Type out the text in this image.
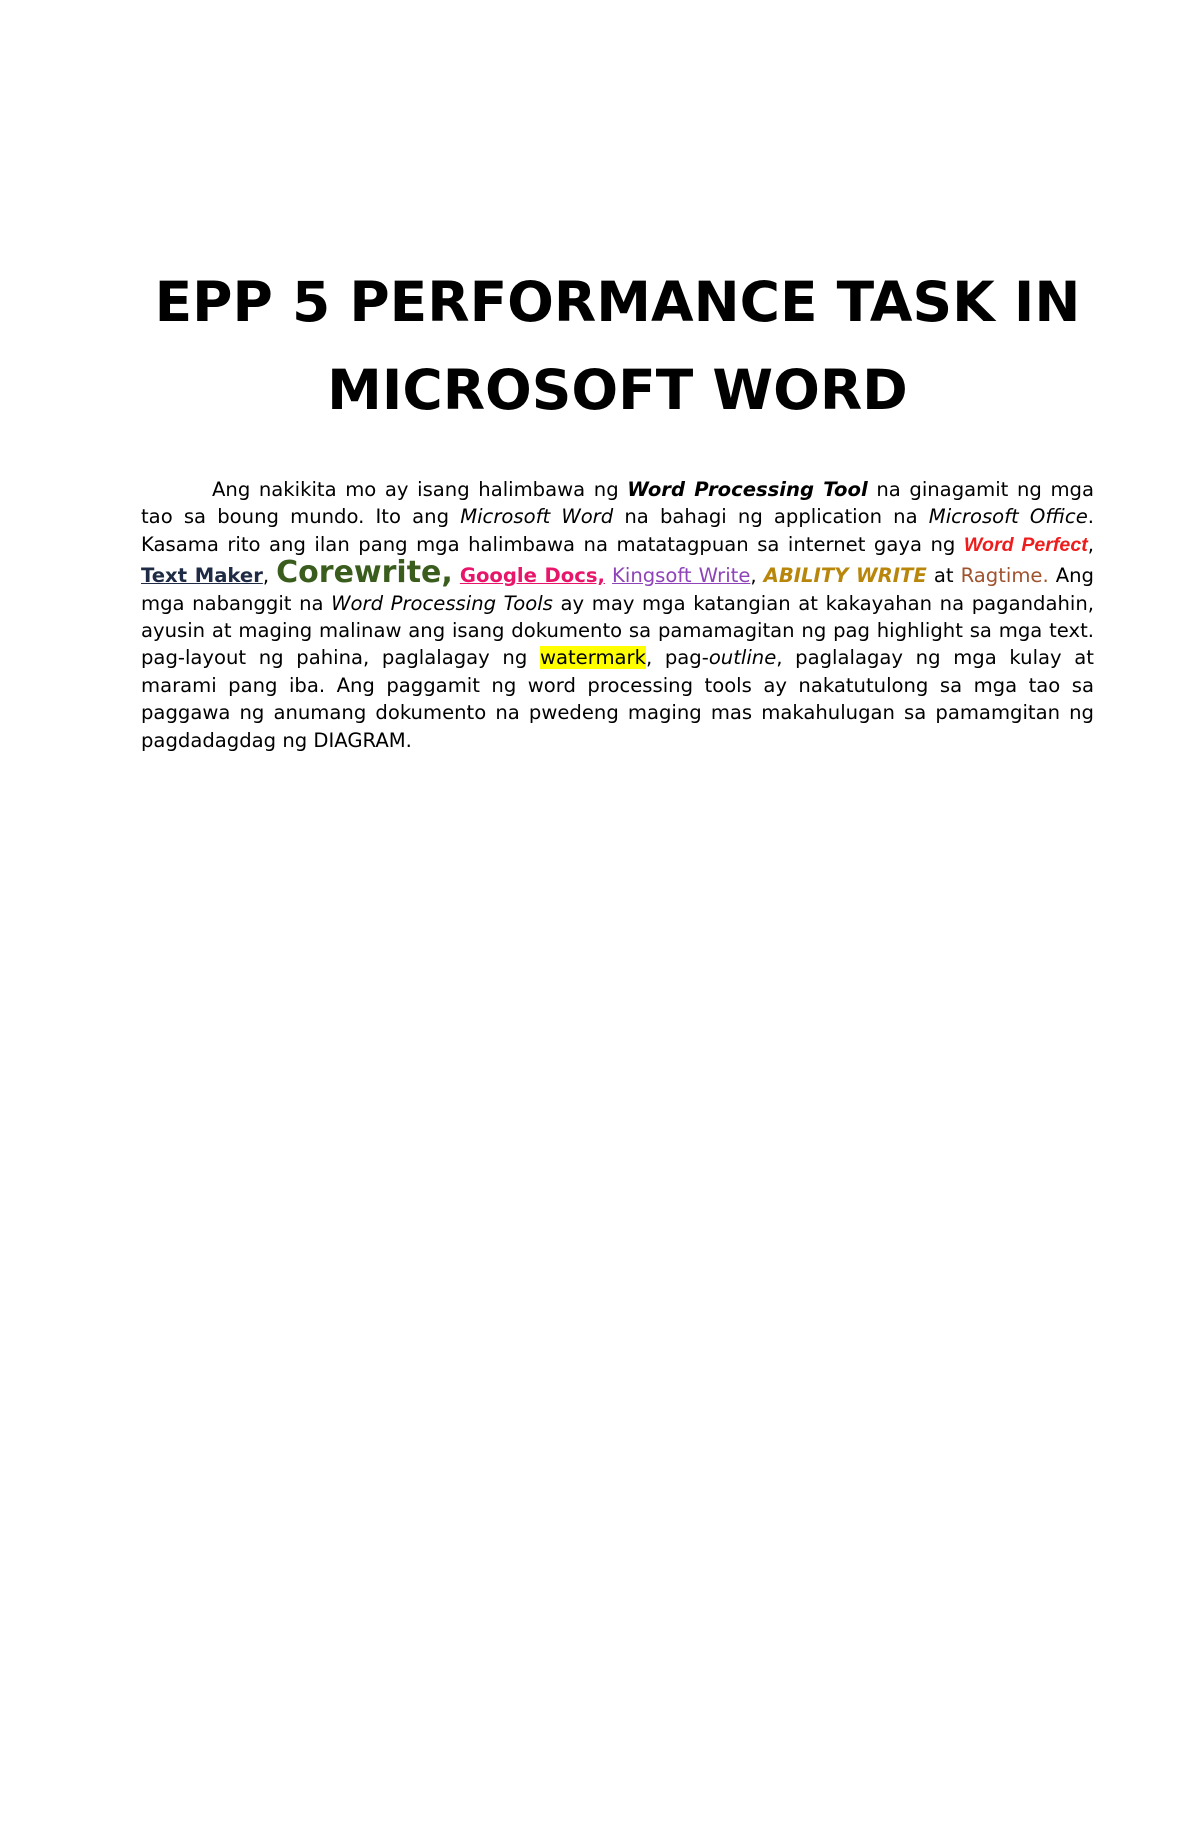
EPP 5 PERFORMANCE TASK IN
MICROSOFT WORD

Ang nakikita mo ay isang halimbawa ng Word Processing Tool na ginagamit ng mga tao sa boung mundo. Ito ang Microsoft Word na bahagi ng application na Microsoft Office. Kasama rito ang ilan pang mga halimbawa na matatagpuan sa internet gaya ng Word Perfect, Text Maker, Corewrite, Google Docs, Kingsoft Write, ABILITY WRITE at Ragtime. Ang mga nabanggit na Word Processing Tools ay may mga katangian at kakayahan na pagandahin, ayusin at maging malinaw ang isang dokumento sa pamamagitan ng pag highlight sa mga text. pag-layout ng pahina, paglalagay ng watermark, pag-outline, paglalagay ng mga kulay at marami pang iba. Ang paggamit ng word processing tools ay nakatutulong sa mga tao sa paggawa ng anumang dokumento na pwedeng maging mas makahulugan sa pamamgitan ng pagdadagdag ng DIAGRAM.
